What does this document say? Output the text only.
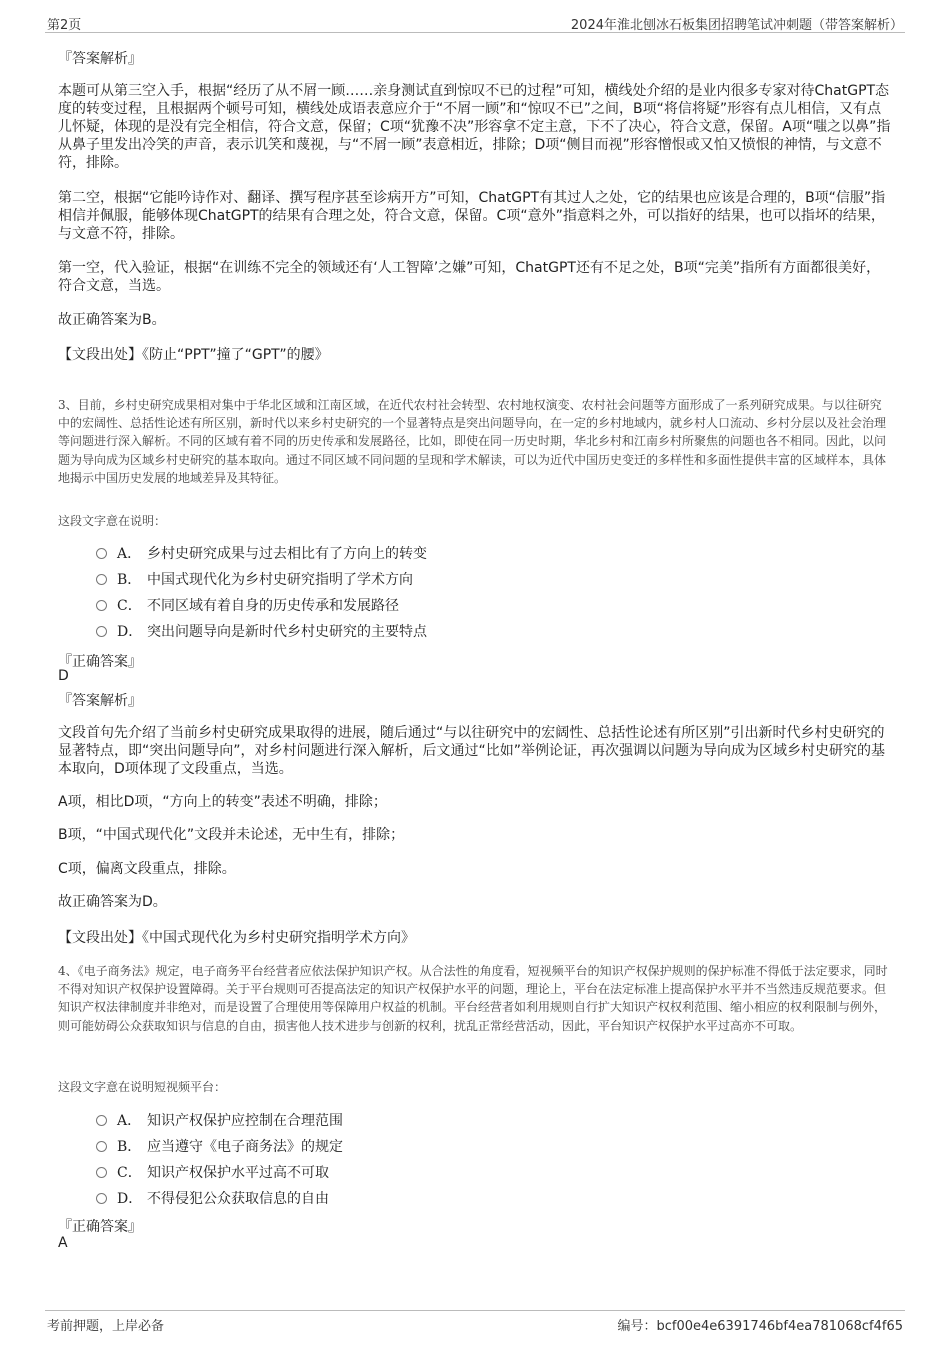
第2页	2024年淮北刨冰石板集团招聘笔试冲刺题（带答案解析）
『答案解析』
本题可从第三空入手，根据“经历了从不屑一顾……亲身测试直到惊叹不已的过程”可知，横线处介绍的是业内很多专家对待ChatGPT态度的转变过程，且根据两个顿号可知，横线处成语表意应介于“不屑一顾”和“惊叹不已”之间，B项“将信将疑”形容有点儿相信，又有点儿怀疑，体现的是没有完全相信，符合文意，保留；C项“犹豫不决”形容拿不定主意，下不了决心，符合文意，保留。A项“嗤之以鼻”指从鼻子里发出冷笑的声音，表示讥笑和蔑视，与“不屑一顾”表意相近，排除；D项“侧目而视”形容憎恨或又怕又愤恨的神情，与文意不符，排除。
第二空，根据“它能吟诗作对、翻译、撰写程序甚至诊病开方”可知，ChatGPT有其过人之处，它的结果也应该是合理的，B项“信服”指相信并佩服，能够体现ChatGPT的结果有合理之处，符合文意，保留。C项“意外”指意料之外，可以指好的结果，也可以指坏的结果，与文意不符，排除。
第一空，代入验证，根据“在训练不完全的领域还有‘人工智障’之嫌”可知，ChatGPT还有不足之处，B项“完美”指所有方面都很美好，符合文意，当选。
故正确答案为B。
【文段出处】《防止“PPT”撞了“GPT”的腰》
3、目前，乡村史研究成果相对集中于华北区域和江南区域，在近代农村社会转型、农村地权演变、农村社会问题等方面形成了一系列研究成果。与以往研究中的宏阔性、总括性论述有所区别，新时代以来乡村史研究的一个显著特点是突出问题导向，在一定的乡村地域内，就乡村人口流动、乡村分层以及社会治理等问题进行深入解析。不同的区域有着不同的历史传承和发展路径，比如，即使在同一历史时期，华北乡村和江南乡村所聚焦的问题也各不相同。因此，以问题为导向成为区域乡村史研究的基本取向。通过不同区域不同问题的呈现和学术解读，可以为近代中国历史变迁的多样性和多面性提供丰富的区域样本，具体地揭示中国历史发展的地域差异及其特征。
这段文字意在说明：
A． 乡村史研究成果与过去相比有了方向上的转变
B． 中国式现代化为乡村史研究指明了学术方向
C． 不同区域有着自身的历史传承和发展路径
D． 突出问题导向是新时代乡村史研究的主要特点
『正确答案』
D
『答案解析』
文段首句先介绍了当前乡村史研究成果取得的进展，随后通过“与以往研究中的宏阔性、总括性论述有所区别”引出新时代乡村史研究的显著特点，即“突出问题导向”，对乡村问题进行深入解析，后文通过“比如”举例论证，再次强调以问题为导向成为区域乡村史研究的基本取向，D项体现了文段重点，当选。
A项，相比D项，“方向上的转变”表述不明确，排除；
B项，“中国式现代化”文段并未论述，无中生有，排除；
C项，偏离文段重点，排除。
故正确答案为D。
【文段出处】《中国式现代化为乡村史研究指明学术方向》
4、《电子商务法》规定，电子商务平台经营者应依法保护知识产权。从合法性的角度看，短视频平台的知识产权保护规则的保护标准不得低于法定要求，同时不得对知识产权保护设置障碍。关于平台规则可否提高法定的知识产权保护水平的问题，理论上，平台在法定标准上提高保护水平并不当然违反规范要求。但知识产权法律制度并非绝对，而是设置了合理使用等保障用户权益的机制。平台经营者如利用规则自行扩大知识产权权利范围、缩小相应的权利限制与例外，则可能妨碍公众获取知识与信息的自由，损害他人技术进步与创新的权利，扰乱正常经营活动，因此，平台知识产权保护水平过高亦不可取。
这段文字意在说明短视频平台：
A． 知识产权保护应控制在合理范围
B． 应当遵守《电子商务法》的规定
C． 知识产权保护水平过高不可取
D． 不得侵犯公众获取信息的自由
『正确答案』
A
考前押题，上岸必备	编号：bcf00e4e6391746bf4ea781068cf4f65
